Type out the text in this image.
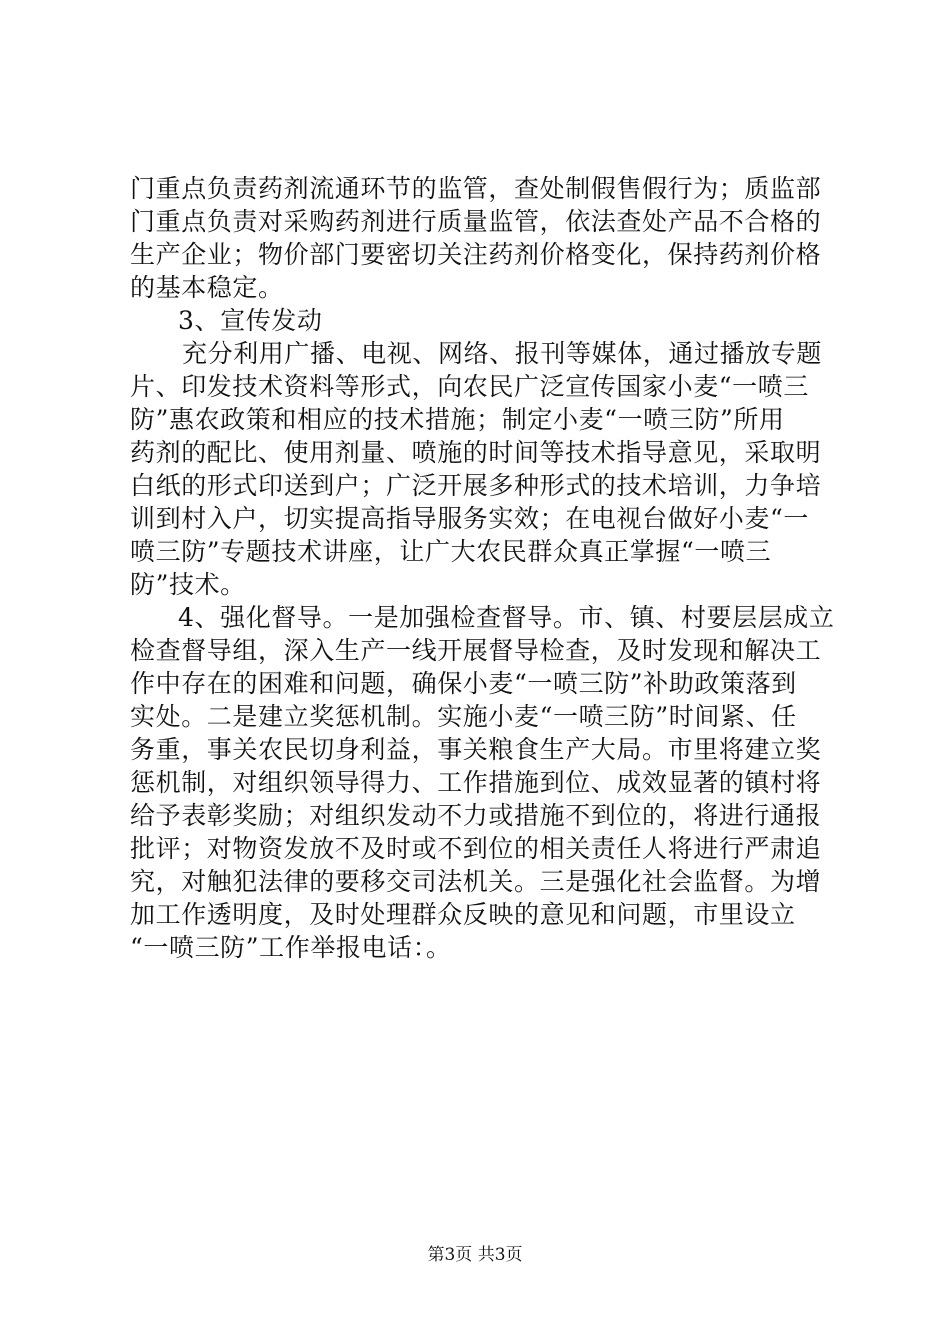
门重点负责药剂流通环节的监管，查处制假售假行为；质监部
门重点负责对采购药剂进行质量监管，依法查处产品不合格的
生产企业；物价部门要密切关注药剂价格变化，保持药剂价格
的基本稳定。
3、宣传发动
充分利用广播、电视、网络、报刊等媒体，通过播放专题
片、印发技术资料等形式，向农民广泛宣传国家小麦“一喷三
防”惠农政策和相应的技术措施；制定小麦“一喷三防”所用
药剂的配比、使用剂量、喷施的时间等技术指导意见，采取明
白纸的形式印送到户；广泛开展多种形式的技术培训，力争培
训到村入户，切实提高指导服务实效；在电视台做好小麦“一
喷三防”专题技术讲座，让广大农民群众真正掌握“一喷三
防”技术。
4、强化督导。一是加强检查督导。市、镇、村要层层成立
检查督导组，深入生产一线开展督导检查，及时发现和解决工
作中存在的困难和问题，确保小麦“一喷三防”补助政策落到
实处。二是建立奖惩机制。实施小麦“一喷三防”时间紧、任
务重，事关农民切身利益，事关粮食生产大局。市里将建立奖
惩机制，对组织领导得力、工作措施到位、成效显著的镇村将
给予表彰奖励；对组织发动不力或措施不到位的，将进行通报
批评；对物资发放不及时或不到位的相关责任人将进行严肃追
究，对触犯法律的要移交司法机关。三是强化社会监督。为增
加工作透明度，及时处理群众反映的意见和问题，市里设立
“一喷三防”工作举报电话：。
第3页 共3页
